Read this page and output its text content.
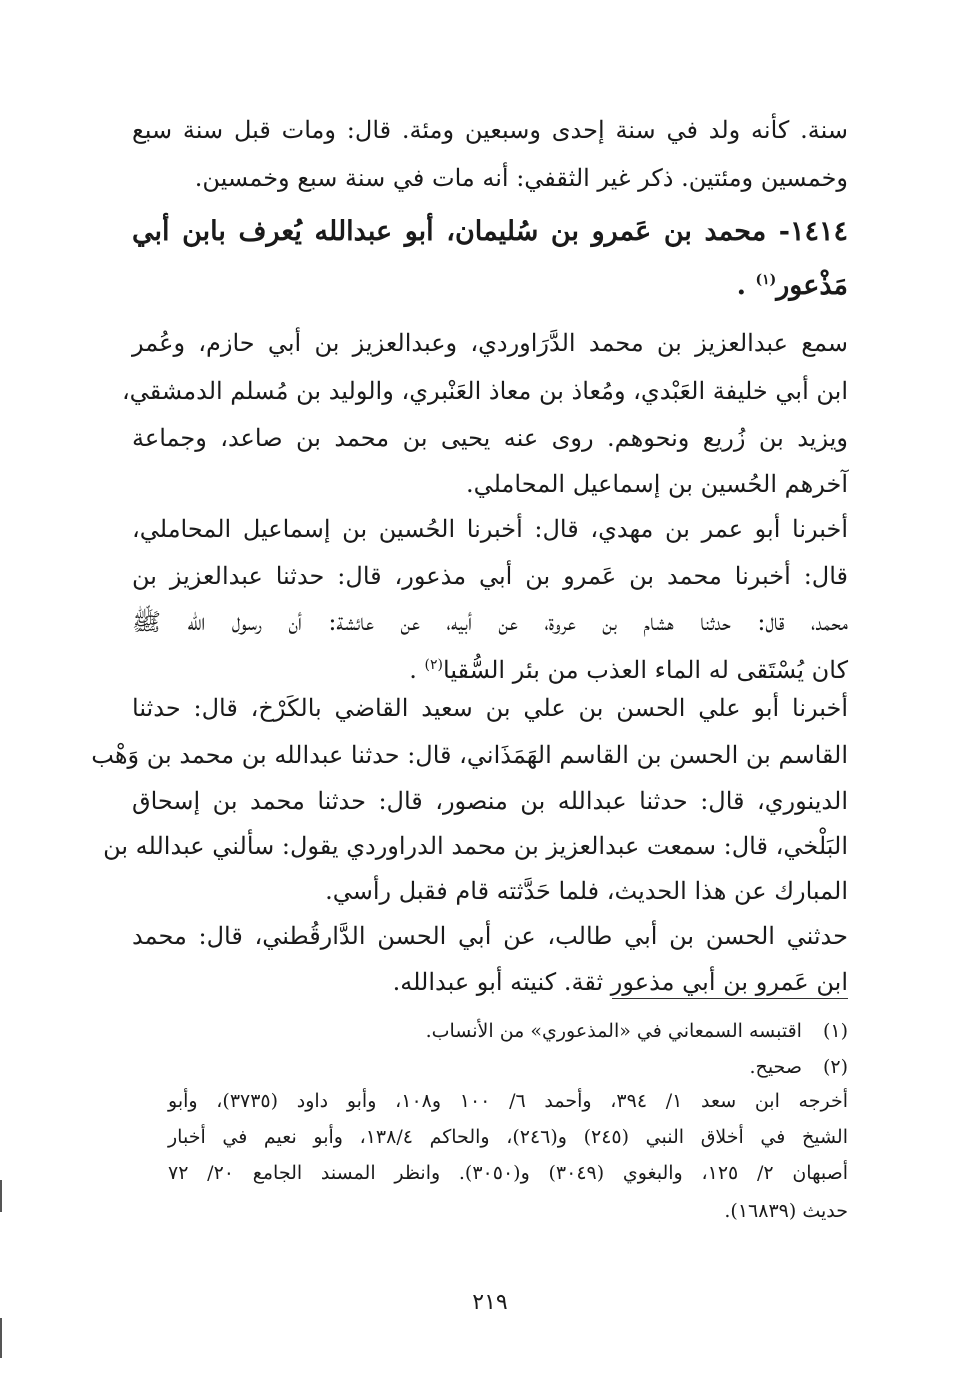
سنة. كأنه ولد في سنة إحدى وسبعين ومئة. قال: ومات قبل سنة سبع
وخمسين ومئتين. ذكر غير الثقفي: أنه مات في سنة سبع وخمسين.
١٤١٤- محمد بن عَمرو بن سُليمان، أبو عبدالله يُعرف بابن أبي
مَذْعور$^{(١)}$ .
سمع عبدالعزيز بن محمد الدَّرَاوردي، وعبدالعزيز بن أبي حازم، وعُمر
ابن أبي خليفة العَبْدي، ومُعاذ بن معاذ العَنْبري، والوليد بن مُسلم الدمشقي،
ويزيد بن زُريع ونحوهم. روى عنه يحيى بن محمد بن صاعد، وجماعة
آخرهم الحُسين بن إسماعيل المحاملي.
أخبرنا أبو عمر بن مهدي، قال: أخبرنا الحُسين بن إسماعيل المحاملي،
قال: أخبرنا محمد بن عَمرو بن أبي مذعور، قال: حدثنا عبدالعزيز بن
محمد، قال: حدثنا هشام بن عروة، عن أبيه، عن عائشة: أن رسول الله ﷺ
كان يُسْتَقى له الماء العذب من بئر السُّقيا$^{(٢)}$ .
أخبرنا أبو علي الحسن بن علي بن سعيد القاضي بالكَرْخ، قال: حدثنا
القاسم بن الحسن بن القاسم الهَمَذَاني، قال: حدثنا عبدالله بن محمد بن وَهْب
الدينوري، قال: حدثنا عبدالله بن منصور، قال: حدثنا محمد بن إسحاق
البَلْخي، قال: سمعت عبدالعزيز بن محمد الدراوردي يقول: سألني عبدالله بن
المبارك عن هذا الحديث، فلما حَدَّثته قام فقبل رأسي.
حدثني الحسن بن أبي طالب، عن أبي الحسن الدَّارقُطني، قال: محمد
ابن عَمرو بن أبي مذعور ثقة. كنيته أبو عبدالله.
(١) اقتبسه السمعاني في «المذعوري» من الأنساب.
(٢) صحيح.
أخرجه ابن سعد ١/ ٣٩٤، وأحمد ٦/ ١٠٠ و١٠٨، وأبو داود (٣٧٣٥)، وأبو
الشيخ في أخلاق النبي (٢٤٥) و(٢٤٦)، والحاكم ١٣٨/٤، وأبو نعيم في أخبار
أصبهان ٢/ ١٢٥، والبغوي (٣٠٤٩) و(٣٠٥٠). وانظر المسند الجامع ٢٠/ ٧٢
حديث (١٦٨٣٩).
٢١٩
